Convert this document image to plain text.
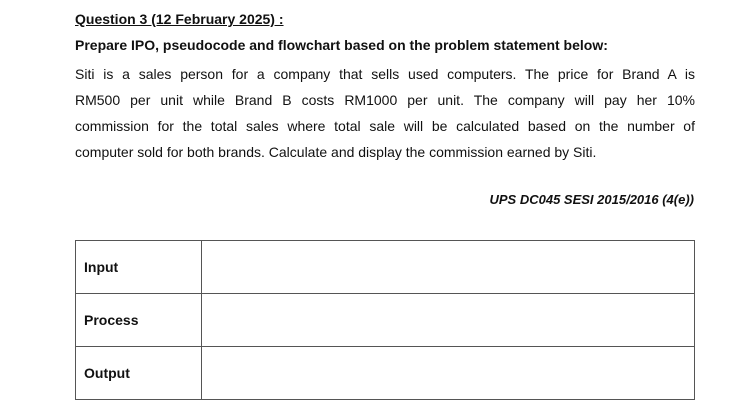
Question 3 (12 February 2025) :
Prepare IPO, pseudocode and flowchart based on the problem statement below:
Siti is a sales person for a company that sells used computers. The price for Brand A is
RM500 per unit while Brand B costs RM1000 per unit. The company will pay her 10%
commission for the total sales where total sale will be calculated based on the number of
computer sold for both brands. Calculate and display the commission earned by Siti.
UPS DC045 SESI 2015/2016 (4(e))
Input	
Process	
Output	
